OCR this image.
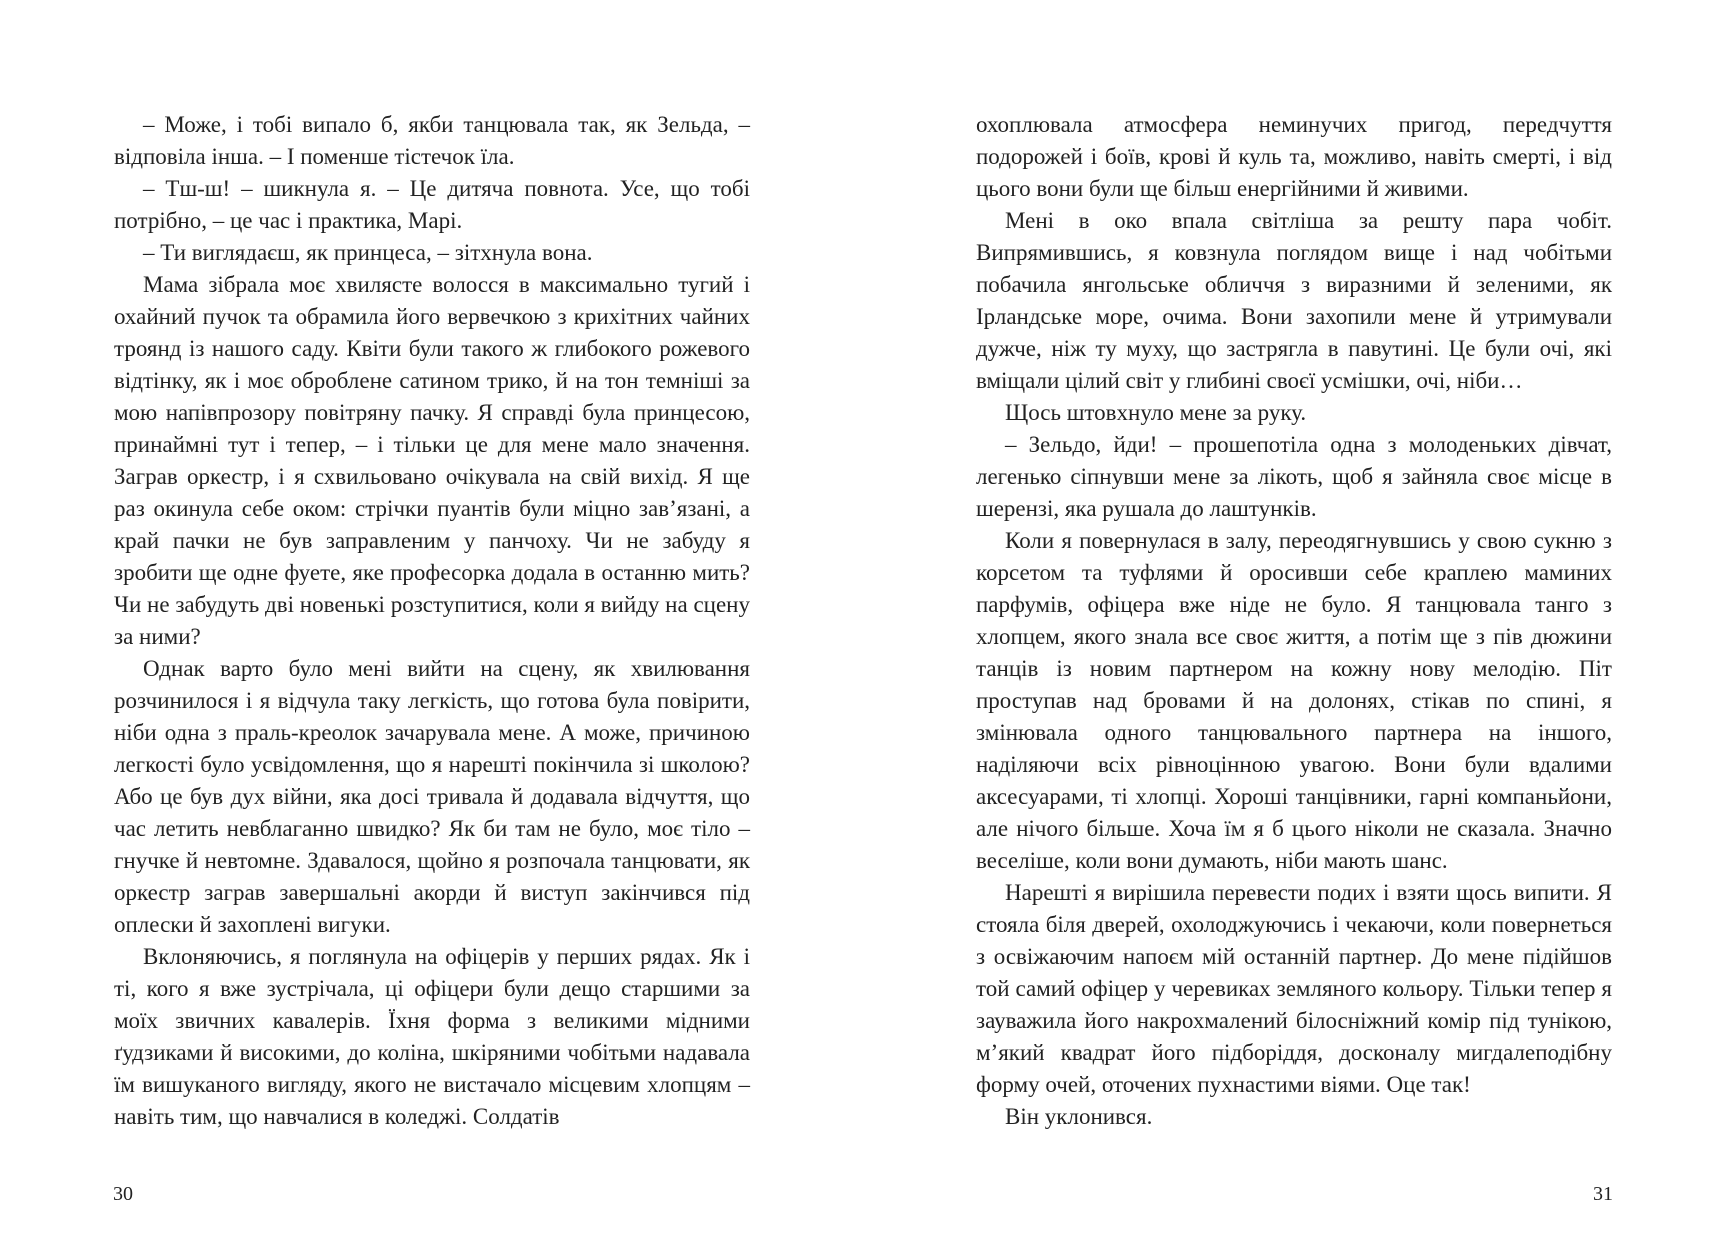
– Може, і тобі випало б, якби танцювала так, як Зельда, – відповіла інша. – І поменше тістечок їла.

– Тш-ш! – шикнула я. – Це дитяча повнота. Усе, що тобі потрібно, – це час і практика, Марі.

– Ти виглядаєш, як принцеса, – зітхнула вона.

Мама зібрала моє хвилясте волосся в максимально тугий і охайний пучок та обрамила його вервечкою з крихітних чайних троянд із нашого саду. Квіти були такого ж глибокого рожевого відтінку, як і моє оброблене сатином трико, й на тон темніші за мою напівпрозору повітряну пачку. Я справді була принцесою, принаймні тут і тепер, – і тільки це для мене мало значення. Заграв оркестр, і я схвильовано очікувала на свій вихід. Я ще раз окинула себе оком: стрічки пуантів були міцно зав’язані, а край пачки не був заправленим у панчоху. Чи не забуду я зробити ще одне фуете, яке професорка додала в останню мить? Чи не забудуть дві новенькі розступитися, коли я вийду на сцену за ними?

Однак варто було мені вийти на сцену, як хвилювання розчинилося і я відчула таку легкість, що готова була повірити, ніби одна з праль-креолок зачарувала мене. А може, причиною легкості було усвідомлення, що я нарешті покінчила зі школою? Або це був дух війни, яка досі тривала й додавала відчуття, що час летить невблаганно швидко? Як би там не було, моє тіло – гнучке й невтомне. Здавалося, щойно я розпочала танцювати, як оркестр заграв завершальні акорди й виступ закінчився під оплески й захоплені вигуки.

Вклоняючись, я поглянула на офіцерів у перших рядах. Як і ті, кого я вже зустрічала, ці офіцери були дещо старшими за моїх звичних кавалерів. Їхня форма з великими мідними ґудзиками й високими, до коліна, шкіряними чобітьми надавала їм вишуканого вигляду, якого не вистачало місцевим хлопцям – навіть тим, що навчалися в коледжі. Солдатів

охоплювала атмосфера неминучих пригод, передчуття подорожей і боїв, крові й куль та, можливо, навіть смерті, і від цього вони були ще більш енергійними й живими.

Мені в око впала світліша за решту пара чобіт. Випрямившись, я ковзнула поглядом вище і над чобітьми побачила янгольське обличчя з виразними й зеленими, як Ірландське море, очима. Вони захопили мене й утримували дужче, ніж ту муху, що застрягла в павутині. Це були очі, які вміщали цілий світ у глибині своєї усмішки, очі, ніби…

Щось штовхнуло мене за руку.

– Зельдо, йди! – прошепотіла одна з молоденьких дівчат, легенько сіпнувши мене за лікоть, щоб я зайняла своє місце в шерензі, яка рушала до лаштунків.

Коли я повернулася в залу, переодягнувшись у свою сукню з корсетом та туфлями й оросивши себе краплею маминих парфумів, офіцера вже ніде не було. Я танцювала танго з хлопцем, якого знала все своє життя, а потім ще з пів дюжини танців із новим партнером на кожну нову мелодію. Піт проступав над бровами й на долонях, стікав по спині, я змінювала одного танцювального партнера на іншого, наділяючи всіх рівноцінною увагою. Вони були вдалими аксесуарами, ті хлопці. Хороші танцівники, гарні компаньйони, але нічого більше. Хоча їм я б цього ніколи не сказала. Значно веселіше, коли вони думають, ніби мають шанс.

Нарешті я вирішила перевести подих і взяти щось випити. Я стояла біля дверей, охолоджуючись і чекаючи, коли повернеться з освіжаючим напоєм мій останній партнер. До мене підійшов той самий офіцер у черевиках земляного кольору. Тільки тепер я зауважила його накрохмалений білосніжний комір під тунікою, м’який квадрат його підборіддя, досконалу мигдалеподібну форму очей, оточених пухнастими віями. Оце так!

Він уклонився.

30	31
